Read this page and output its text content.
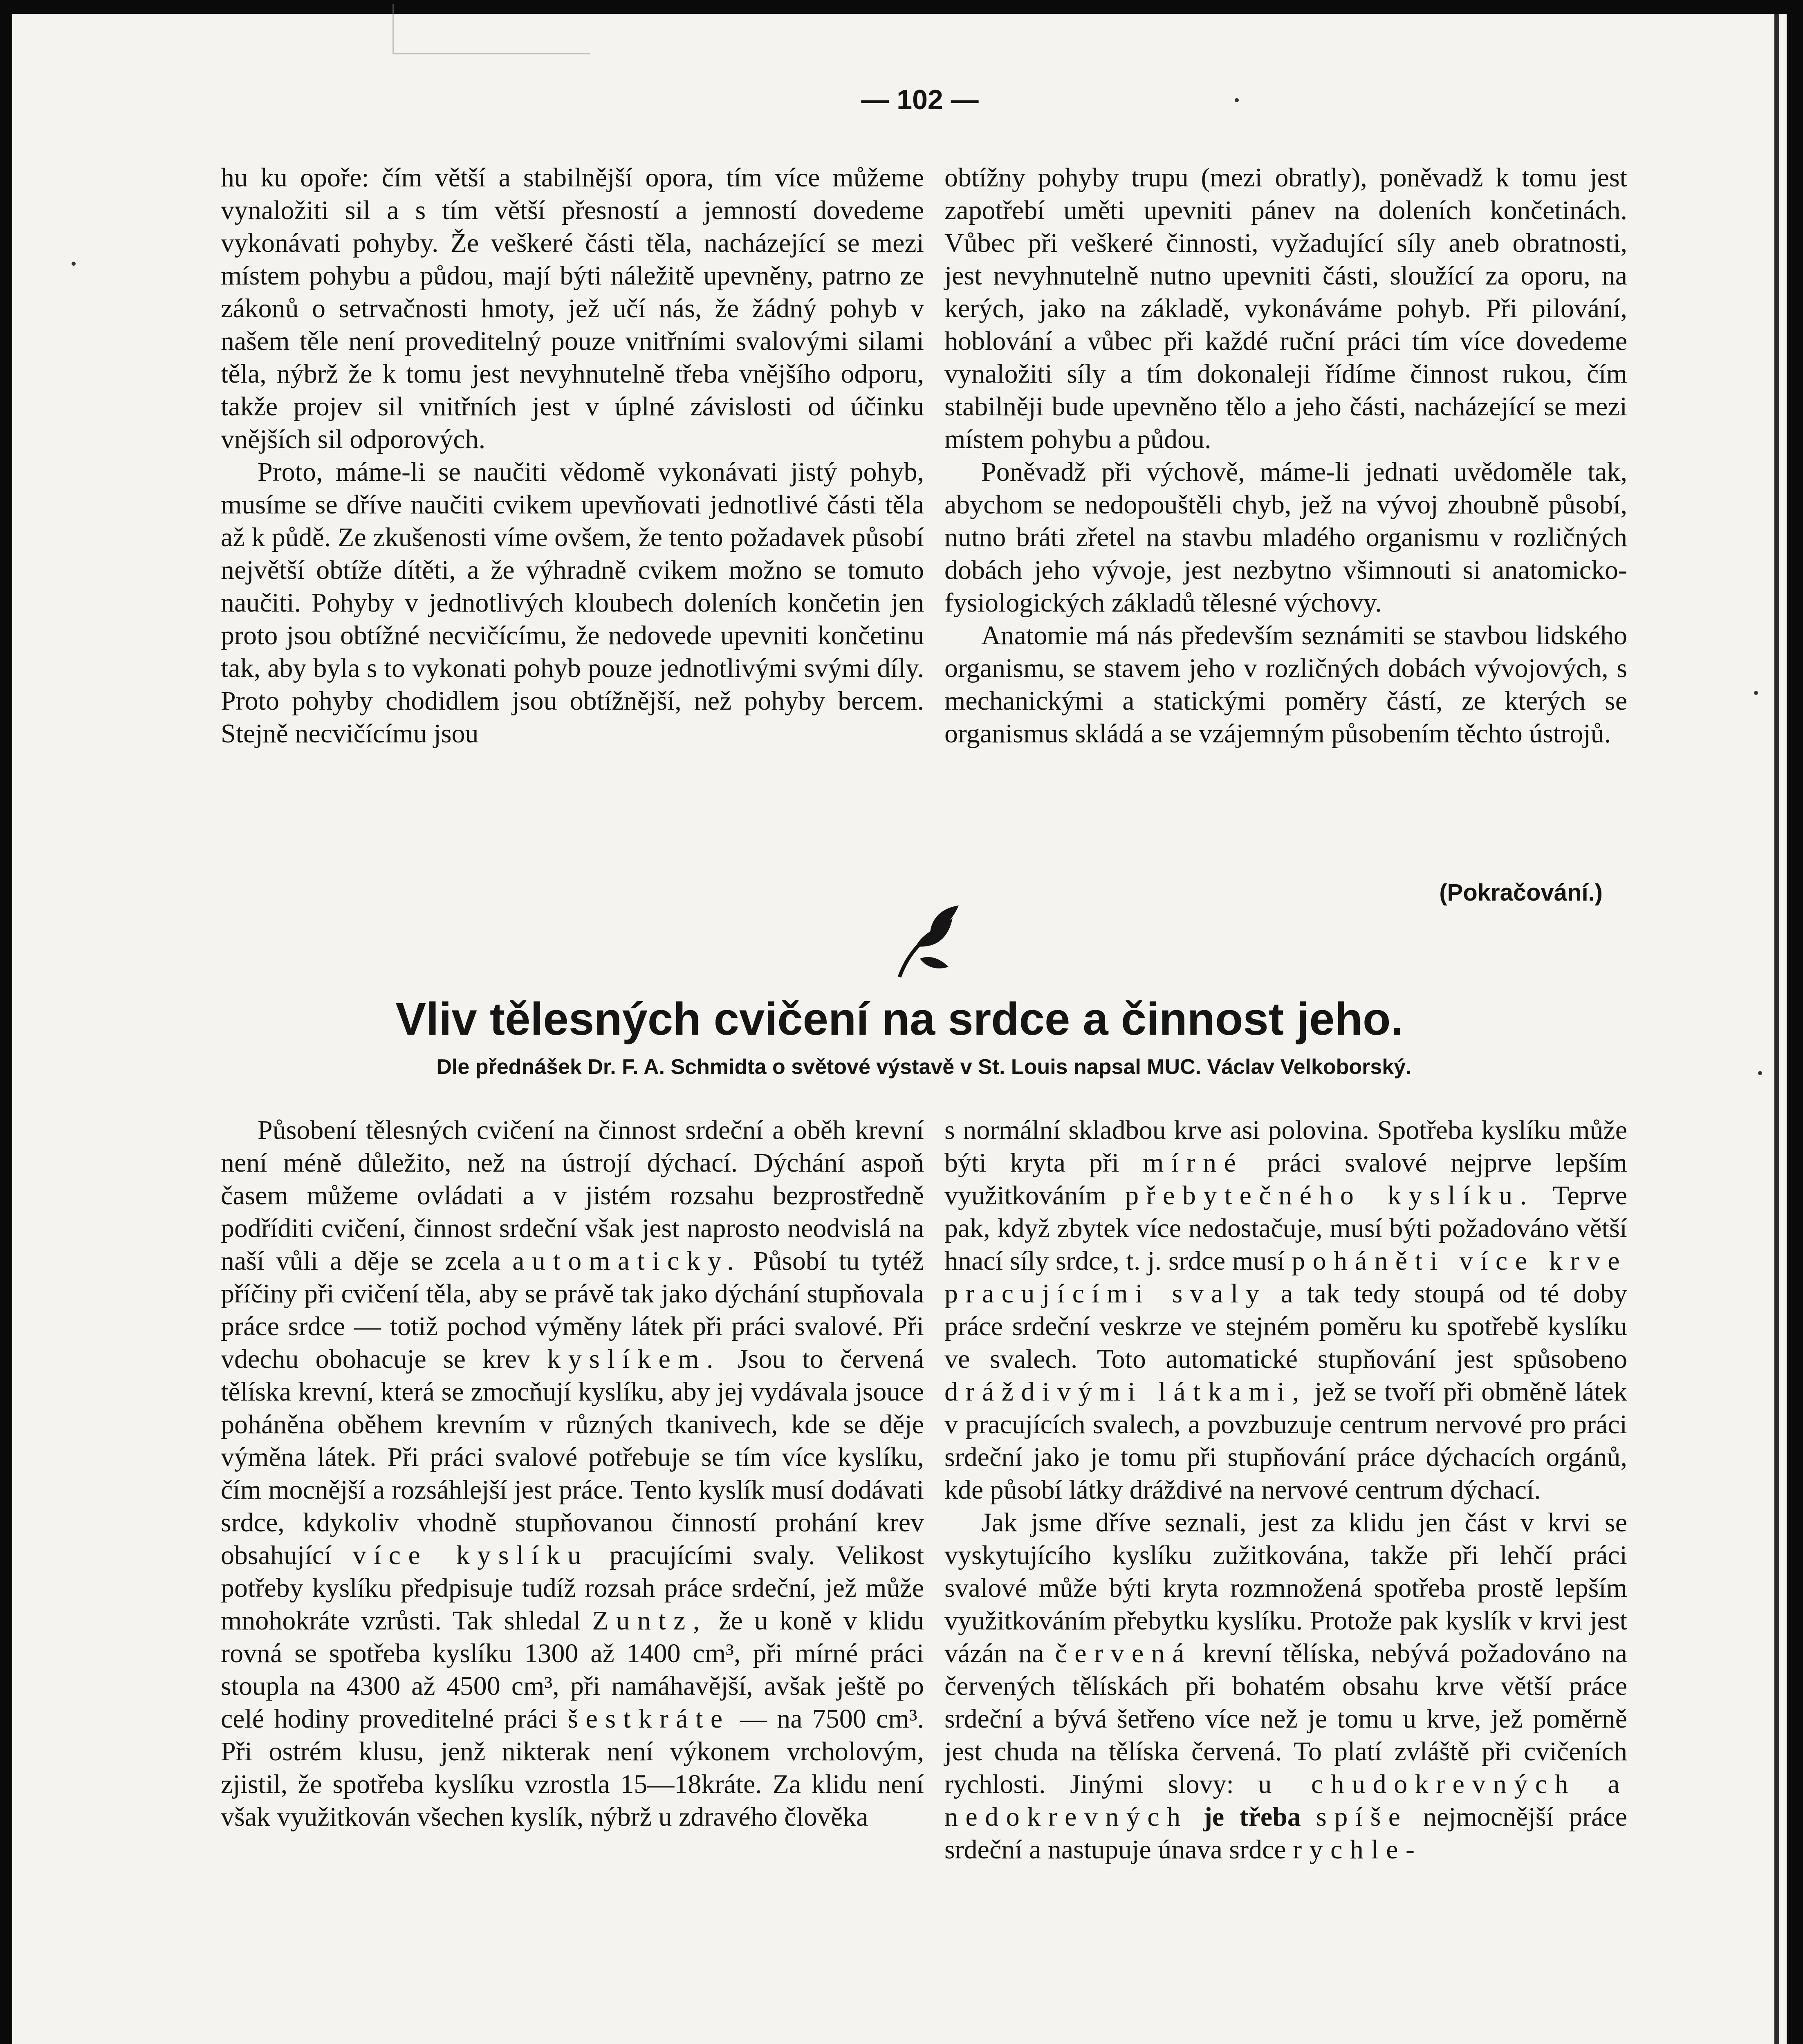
— 102 —

hu ku opoře: čím větší a stabilnější opora, tím více můžeme vynaložiti sil a s tím větší přesností a jemností dovedeme vykonávati pohyby. Že veškeré části těla, nacházející se mezi místem pohybu a půdou, mají býti náležitě upevněny, patrno ze zákonů o setrvačnosti hmoty, jež učí nás, že žádný pohyb v našem těle není proveditelný pouze vnitřními svalovými silami těla, nýbrž že k tomu jest nevyhnutelně třeba vnějšího odporu, takže projev sil vnitřních jest v úplné závislosti od účinku vnějších sil odporových.

Proto, máme-li se naučiti vědomě vykonávati jistý pohyb, musíme se dříve naučiti cvikem upevňovati jednotlivé části těla až k půdě. Ze zkušenosti víme ovšem, že tento požadavek působí největší obtíže dítěti, a že výhradně cvikem možno se tomuto naučiti. Pohyby v jednotlivých kloubech doleních končetin jen proto jsou obtížné necvičícímu, že nedovede upevniti končetinu tak, aby byla s to vykonati pohyb pouze jednotlivými svými díly. Proto pohyby chodidlem jsou obtížnější, než pohyby bercem. Stejně necvičícímu jsou

obtížny pohyby trupu (mezi obratly), poněvadž k tomu jest zapotřebí uměti upevniti pánev na doleních končetinách. Vůbec při veškeré činnosti, vyžadující síly aneb obratnosti, jest nevyhnutelně nutno upevniti části, sloužící za oporu, na kerých, jako na základě, vykonáváme pohyb. Při pilování, hoblování a vůbec při každé ruční práci tím více dovedeme vynaložiti síly a tím dokonaleji řídíme činnost rukou, čím stabilněji bude upevněno tělo a jeho části, nacházející se mezi místem pohybu a půdou.

Poněvadž při výchově, máme-li jednati uvědoměle tak, abychom se nedopouštěli chyb, jež na vývoj zhoubně působí, nutno bráti zřetel na stavbu mladého organismu v rozličných dobách jeho vývoje, jest nezbytno všimnouti si anatomicko-fysiologických základů tělesné výchovy.

Anatomie má nás především seznámiti se stavbou lidského organismu, se stavem jeho v rozličných dobách vývojových, s mechanickými a statickými poměry částí, ze kterých se organismus skládá a se vzájemným působením těchto ústrojů.

(Pokračování.)
Vliv tělesných cvičení na srdce a činnost jeho.
Dle přednášek Dr. F. A. Schmidta o světové výstavě v St. Louis napsal MUC. Václav Velkoborský.

Působení tělesných cvičení na činnost srdeční a oběh krevní není méně důležito, než na ústrojí dýchací. Dýchání aspoň časem můžeme ovládati a v jistém rozsahu bezprostředně podříditi cvičení, činnost srdeční však jest naprosto neodvislá na naší vůli a děje se zcela automaticky. Působí tu tytéž příčiny při cvičení těla, aby se právě tak jako dýchání stupňovala práce srdce — totiž pochod výměny látek při práci svalové. Při vdechu obohacuje se krev kyslíkem. Jsou to červená tělíska krevní, která se zmocňují kyslíku, aby jej vydávala jsouce poháněna oběhem krevním v různých tkanivech, kde se děje výměna látek. Při práci svalové potřebuje se tím více kyslíku, čím mocnější a rozsáhlejší jest práce. Tento kyslík musí dodávati srdce, kdykoliv vhodně stupňovanou činností prohání krev obsahující více kyslíku pracujícími svaly. Velikost potřeby kyslíku předpisuje tudíž rozsah práce srdeční, jež může mnohokráte vzrůsti. Tak shledal Zuntz, že u koně v klidu rovná se spotřeba kyslíku 1300 až 1400 cm³, při mírné práci stoupla na 4300 až 4500 cm³, při namáhavější, avšak ještě po celé hodiny proveditelné práci šestkráte — na 7500 cm³. Při ostrém klusu, jenž nikterak není výkonem vrcholovým, zjistil, že spotřeba kyslíku vzrostla 15—18kráte. Za klidu není však využitkován všechen kyslík, nýbrž u zdravého člověka

s normální skladbou krve asi polovina. Spotřeba kyslíku může býti kryta při mírné práci svalové nejprve lepším využitkováním přebytečného kyslíku. Teprve pak, když zbytek více nedostačuje, musí býti požadováno větší hnací síly srdce, t. j. srdce musí poháněti více krve pracujícími svaly a tak tedy stoupá od té doby práce srdeční veskrze ve stejném poměru ku spotřebě kyslíku ve svalech. Toto automatické stupňování jest spůsobeno dráždivými látkami, jež se tvoří při obměně látek v pracujících svalech, a povzbuzuje centrum nervové pro práci srdeční jako je tomu při stupňování práce dýchacích orgánů, kde působí látky dráždivé na nervové centrum dýchací.

Jak jsme dříve seznali, jest za klidu jen část v krvi se vyskytujícího kyslíku zužitkována, takže při lehčí práci svalové může býti kryta rozmnožená spotřeba prostě lepším využitkováním přebytku kyslíku. Protože pak kyslík v krvi jest vázán na červená krevní tělíska, nebývá požadováno na červených tělískách při bohatém obsahu krve větší práce srdeční a bývá šetřeno více než je tomu u krve, jež poměrně jest chuda na tělíska červená. To platí zvláště při cvičeních rychlosti. Jinými slovy: u chudokrevných a nedokrevných je třeba spíše nejmocnější práce srdeční a nastupuje únava srdce rychle-
